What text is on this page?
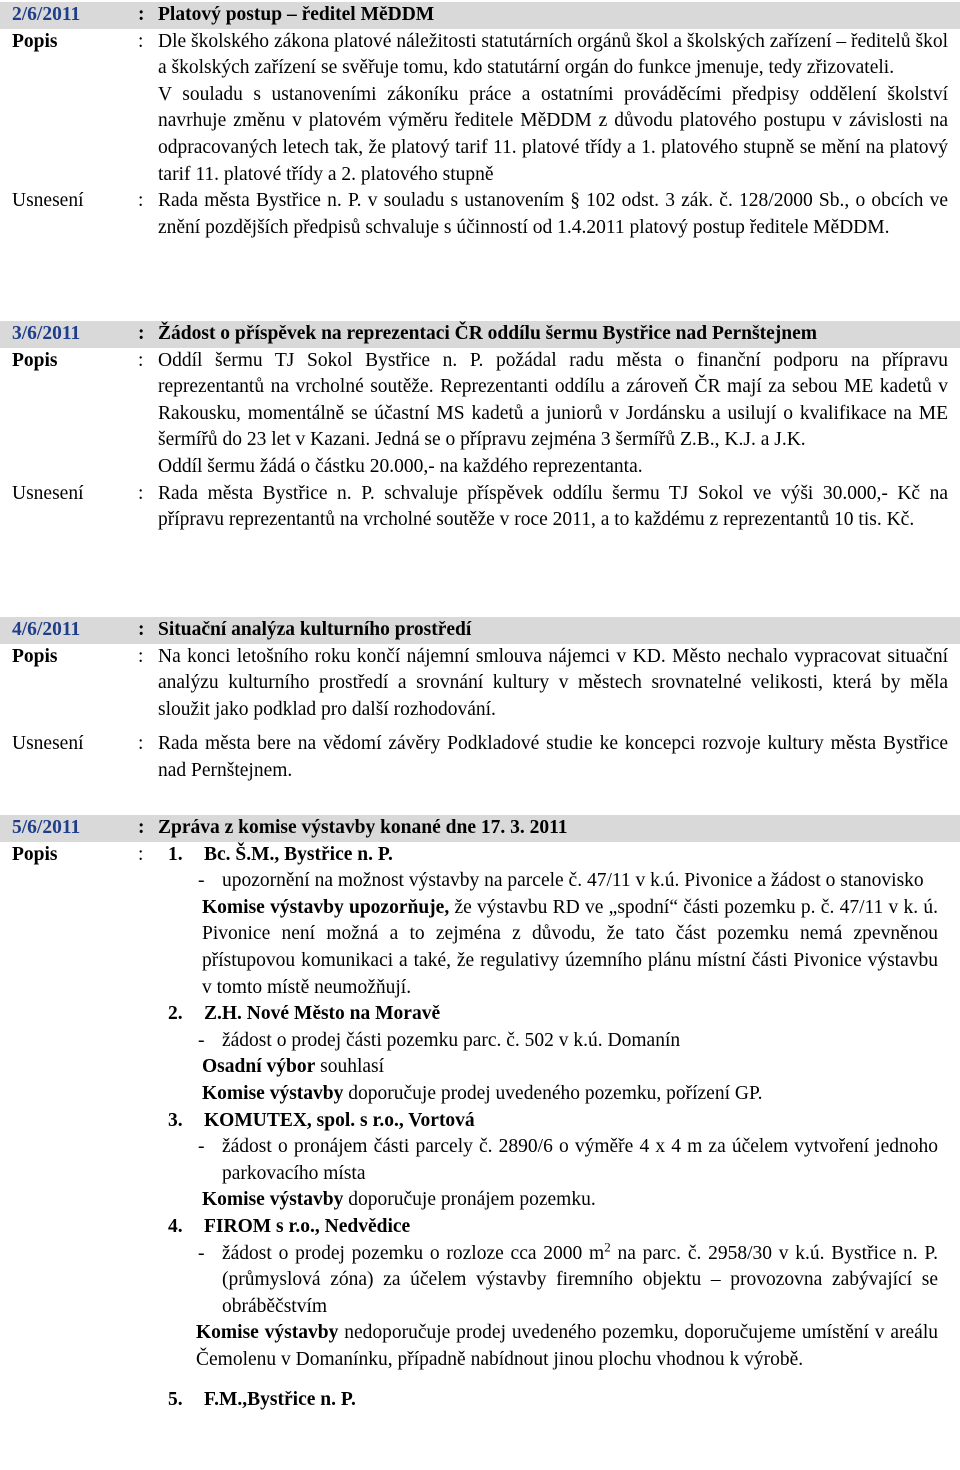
2/6/2011	: Platový postup – ředitel MěDDM
Popis	: Dle školského zákona platové náležitosti statutárních orgánů škol a školských zařízení – ředitelů škol a školských zařízení se svěřuje tomu, kdo statutární orgán do funkce jmenuje, tedy zřizovateli.
V souladu s ustanoveními zákoníku práce a ostatními prováděcími předpisy oddělení školství navrhuje změnu v platovém výměru ředitele MěDDM z důvodu platového postupu v závislosti na odpracovaných letech tak, že platový tarif 11. platové třídy a 1. platového stupně se mění na platový tarif 11. platové třídy a 2. platového stupně
Usnesení	: Rada města Bystřice n. P. v souladu s ustanovením § 102 odst. 3 zák. č. 128/2000 Sb., o obcích ve znění pozdějších předpisů schvaluje s účinností od 1.4.2011 platový postup ředitele MěDDM.
3/6/2011	: Žádost o příspěvek na reprezentaci ČR oddílu šermu Bystřice nad Pernštejnem
Popis	: Oddíl šermu TJ Sokol Bystřice n. P. požádal radu města o finanční podporu na přípravu reprezentantů na vrcholné soutěže. Reprezentanti oddílu a zároveň ČR mají za sebou ME kadetů v Rakousku, momentálně se účastní MS kadetů a juniorů v Jordánsku a usilují o kvalifikace na ME šermířů do 23 let v Kazani. Jedná se o přípravu zejména 3 šermířů Z.B., K.J. a J.K.
Oddíl šermu žádá o částku 20.000,- na každého reprezentanta.
Usnesení	: Rada města Bystřice n. P. schvaluje příspěvek oddílu šermu TJ Sokol ve výši 30.000,- Kč na přípravu reprezentantů na vrcholné soutěže v roce 2011, a to každému z reprezentantů 10 tis. Kč.
4/6/2011	: Situační analýza kulturního prostředí
Popis	: Na konci letošního roku končí nájemní smlouva nájemci v KD. Město nechalo vypracovat situační analýzu kulturního prostředí a srovnání kultury v městech srovnatelné velikosti, která by měla sloužit jako podklad pro další rozhodování.
Usnesení	: Rada města bere na vědomí závěry Podkladové studie ke koncepci rozvoje kultury města Bystřice nad Pernštejnem.
5/6/2011	: Zpráva z komise výstavby konané dne 17. 3. 2011
Popis	:	1.	Bc. Š.M., Bystřice n. P.
- upozornění na možnost výstavby na parcele č. 47/11 v k.ú. Pivonice a žádost o stanovisko
Komise výstavby upozorňuje, že výstavbu RD ve „spodní“ části pozemku p. č. 47/11 v k. ú. Pivonice není možná a to zejména z důvodu, že tato část pozemku nemá zpevněnou přístupovou komunikaci a také, že regulativy územního plánu místní části Pivonice výstavbu v tomto místě neumožňují.
2.	Z.H. Nové Město na Moravě
- žádost o prodej části pozemku parc. č. 502 v k.ú. Domanín
Osadní výbor souhlasí
Komise výstavby doporučuje prodej uvedeného pozemku, pořízení GP.
3.	KOMUTEX, spol. s r.o., Vortová
- žádost o pronájem části parcely č. 2890/6 o výměře 4 x 4 m za účelem vytvoření jednoho parkovacího místa
Komise výstavby doporučuje pronájem pozemku.
4.	FIROM s r.o., Nedvědice
- žádost o prodej pozemku o rozloze cca 2000 $m^2$ na parc. č. 2958/30 v k.ú. Bystřice n. P. (průmyslová zóna) za účelem výstavby firemního objektu – provozovna zabývající se obráběčstvím
Komise výstavby nedoporučuje prodej uvedeného pozemku, doporučujeme umístění v areálu Čemolenu v Domanínku, případně nabídnout jinou plochu vhodnou k výrobě.
5.	F.M.,Bystřice n. P.
